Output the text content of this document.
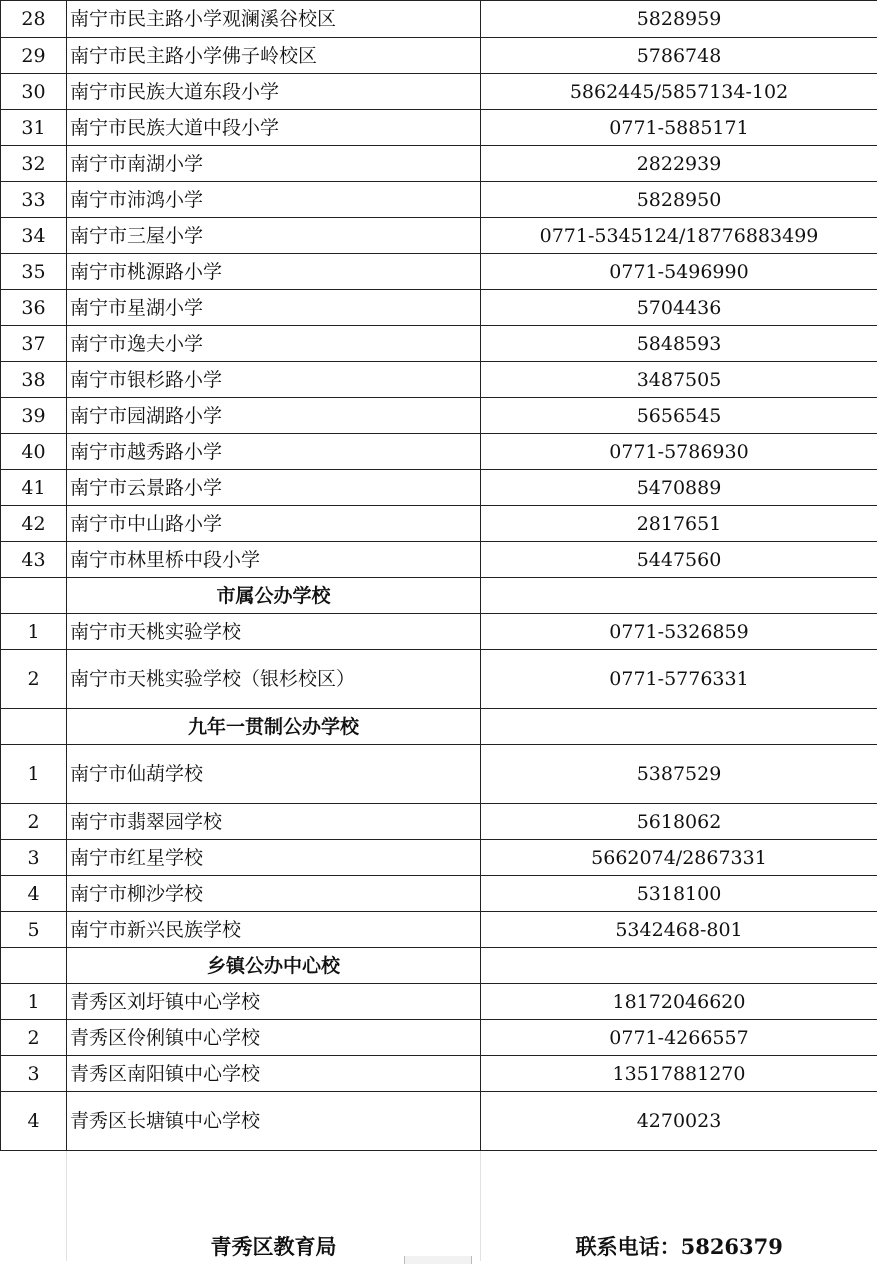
28	南宁市民主路小学观澜溪谷校区	5828959
29	南宁市民主路小学佛子岭校区	5786748
30	南宁市民族大道东段小学	5862445/5857134-102
31	南宁市民族大道中段小学	0771-5885171
32	南宁市南湖小学	2822939
33	南宁市沛鸿小学	5828950
34	南宁市三屋小学	0771-5345124/18776883499
35	南宁市桃源路小学	0771-5496990
36	南宁市星湖小学	5704436
37	南宁市逸夫小学	5848593
38	南宁市银杉路小学	3487505
39	南宁市园湖路小学	5656545
40	南宁市越秀路小学	0771-5786930
41	南宁市云景路小学	5470889
42	南宁市中山路小学	2817651
43	南宁市林里桥中段小学	5447560
	市属公办学校	
1	南宁市天桃实验学校	0771-5326859
2	南宁市天桃实验学校（银杉校区）	0771-5776331
	九年一贯制公办学校	
1	南宁市仙葫学校	5387529
2	南宁市翡翠园学校	5618062
3	南宁市红星学校	5662074/2867331
4	南宁市柳沙学校	5318100
5	南宁市新兴民族学校	5342468-801
	乡镇公办中心校	
1	青秀区刘圩镇中心学校	18172046620
2	青秀区伶俐镇中心学校	0771-4266557
3	青秀区南阳镇中心学校	13517881270
4	青秀区长塘镇中心学校	4270023
	青秀区教育局	联系电话：5826379
